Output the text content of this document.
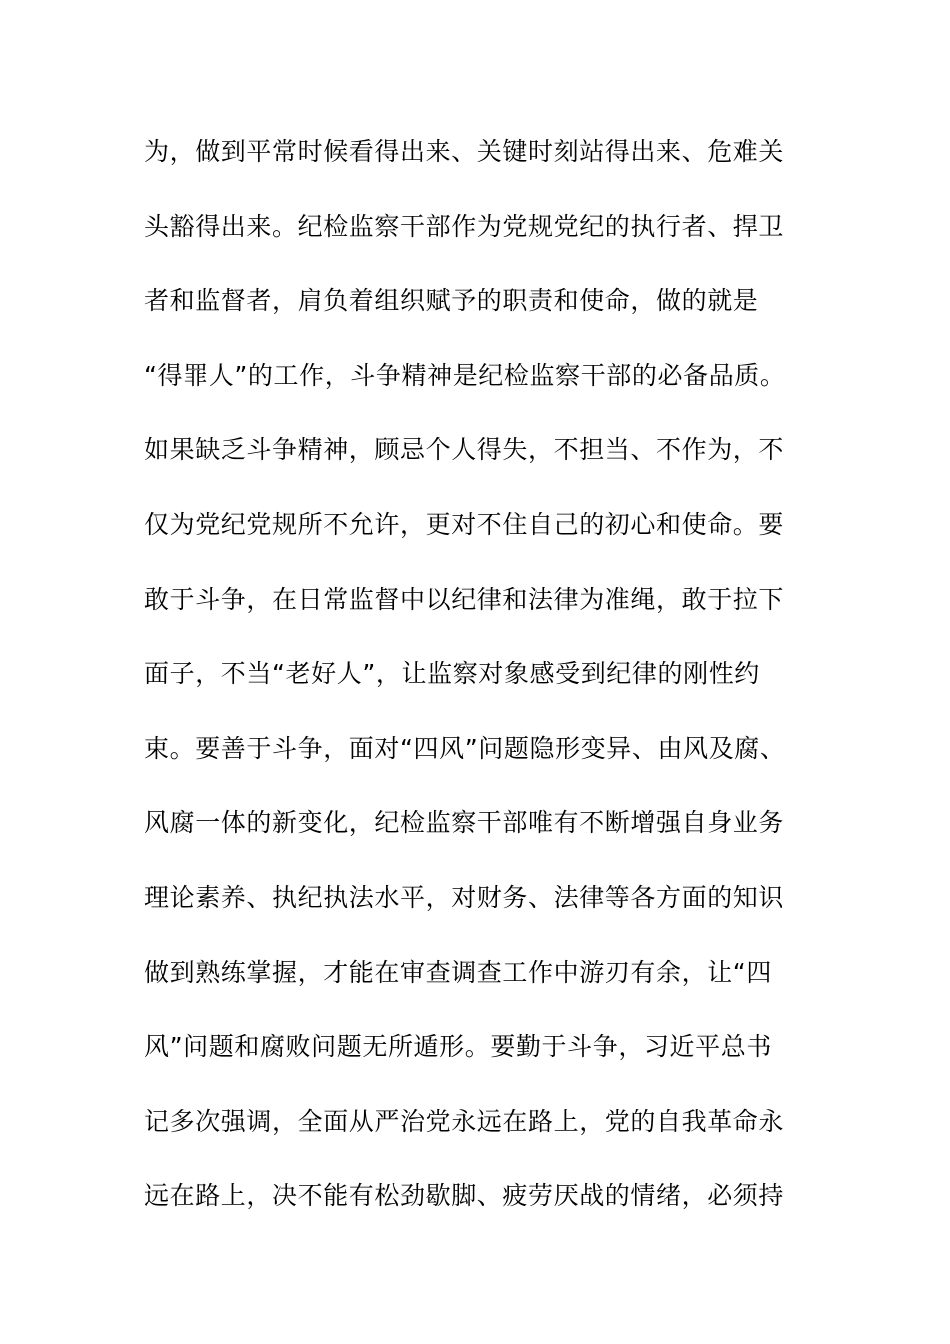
为，做到平常时候看得出来、关键时刻站得出来、危难关
头豁得出来。纪检监察干部作为党规党纪的执行者、捍卫
者和监督者，肩负着组织赋予的职责和使命，做的就是
“得罪人”的工作，斗争精神是纪检监察干部的必备品质。
如果缺乏斗争精神，顾忌个人得失，不担当、不作为，不
仅为党纪党规所不允许，更对不住自己的初心和使命。要
敢于斗争，在日常监督中以纪律和法律为准绳，敢于拉下
面子，不当“老好人”，让监察对象感受到纪律的刚性约
束。要善于斗争，面对“四风”问题隐形变异、由风及腐、
风腐一体的新变化，纪检监察干部唯有不断增强自身业务
理论素养、执纪执法水平，对财务、法律等各方面的知识
做到熟练掌握，才能在审查调查工作中游刃有余，让“四
风”问题和腐败问题无所遁形。要勤于斗争，习近平总书
记多次强调，全面从严治党永远在路上，党的自我革命永
远在路上，决不能有松劲歇脚、疲劳厌战的情绪，必须持
